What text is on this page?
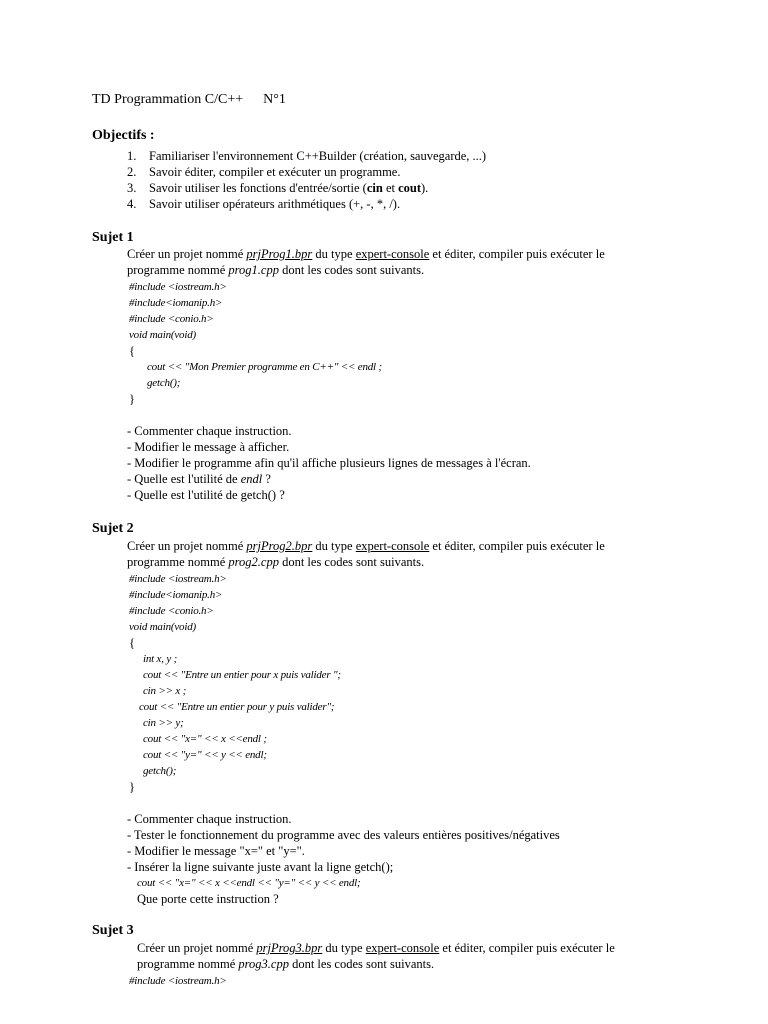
TD Programmation C/C++ N°1
Objectifs :
1. Familiariser l'environnement C++Builder (création, sauvegarde, ...)
2. Savoir éditer, compiler et exécuter un programme.
3. Savoir utiliser les fonctions d'entrée/sortie (cin et cout).
4. Savoir utiliser opérateurs arithmétiques (+, -, *, /).
Sujet 1
Créer un projet nommé prjProg1.bpr du type expert-console et éditer, compiler puis exécuter le
programme nommé prog1.cpp dont les codes sont suivants.
#include <iostream.h>
#include<iomanip.h>
#include <conio.h>
void main(void)
{
cout << "Mon Premier programme en C++" << endl ;
getch();
}
- Commenter chaque instruction.
- Modifier le message à afficher.
- Modifier le programme afin qu'il affiche plusieurs lignes de messages à l'écran.
- Quelle est l'utilité de endl ?
- Quelle est l'utilité de getch() ?
Sujet 2
Créer un projet nommé prjProg2.bpr du type expert-console et éditer, compiler puis exécuter le
programme nommé prog2.cpp dont les codes sont suivants.
#include <iostream.h>
#include<iomanip.h>
#include <conio.h>
void main(void)
{
int x, y ;
cout << "Entre un entier pour x puis valider ";
cin >> x ;
cout << "Entre un entier pour y puis valider";
cin >> y;
cout << "x=" << x <<endl ;
cout << "y=" << y << endl;
getch();
}
- Commenter chaque instruction.
- Tester le fonctionnement du programme avec des valeurs entières positives/négatives
- Modifier le message "x=" et "y=".
- Insérer la ligne suivante juste avant la ligne getch();
cout << "x=" << x <<endl << "y=" << y << endl;
Que porte cette instruction ?
Sujet 3
Créer un projet nommé prjProg3.bpr du type expert-console et éditer, compiler puis exécuter le
programme nommé prog3.cpp dont les codes sont suivants.
#include <iostream.h>
